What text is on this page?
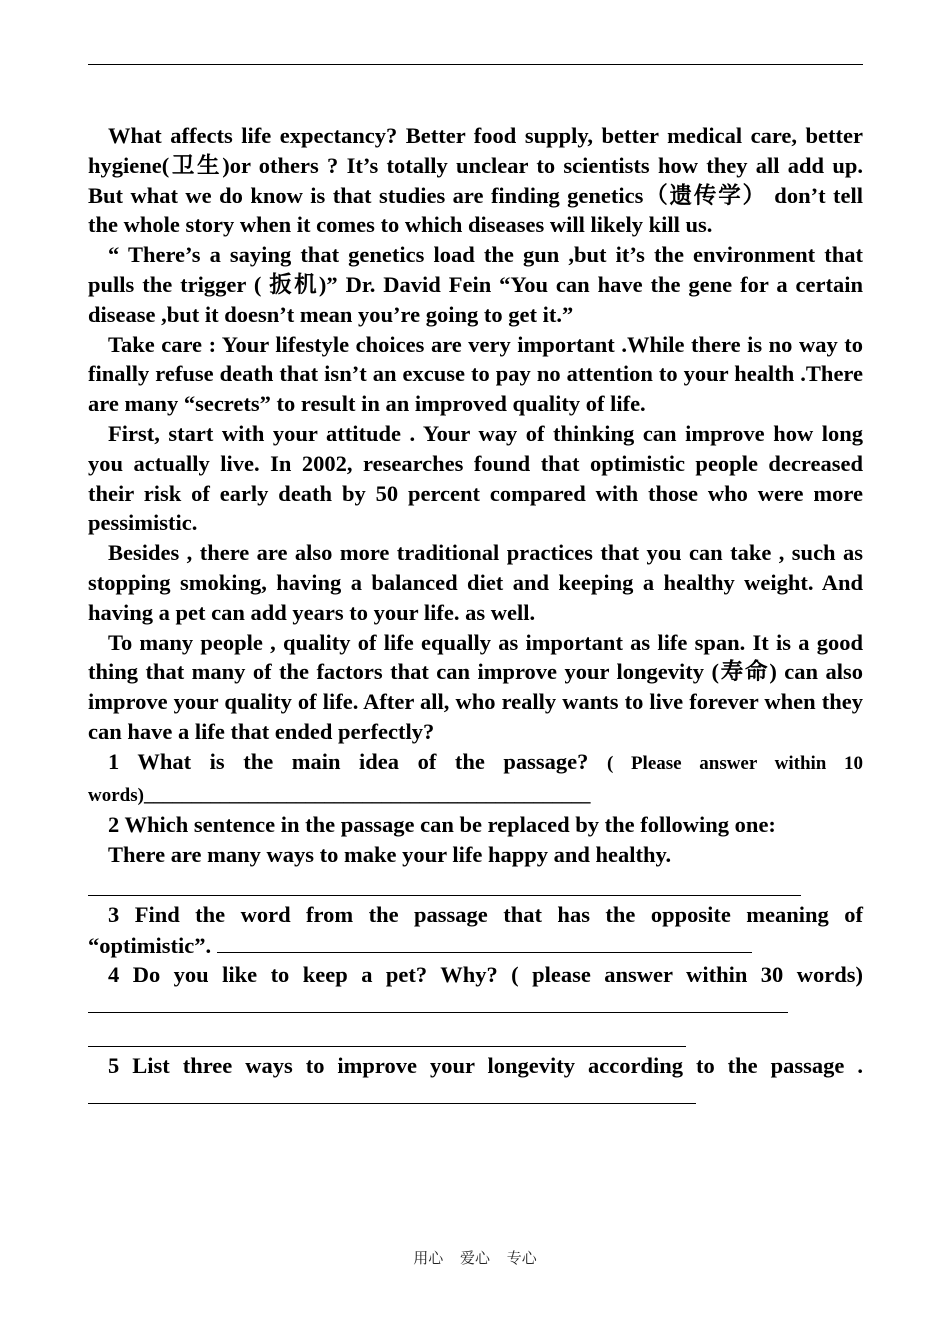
What affects life expectancy? Better food supply, better medical care, better hygiene(卫生)or others ? It’s totally unclear to scientists how they all add up. But what we do know is that studies are finding genetics（遗传学） don’t tell the whole story when it comes to which diseases will likely kill us.

“ There’s a saying that genetics load the gun ,but it’s the environment that pulls the trigger ( 扳机)” Dr. David Fein “You can have the gene for a certain disease ,but it doesn’t mean you’re going to get it.”

Take care : Your lifestyle choices are very important .While there is no way to finally refuse death that isn’t an excuse to pay no attention to your health .There are many “secrets” to result in an improved quality of life.

First, start with your attitude . Your way of thinking can improve how long you actually live. In 2002, researches found that optimistic people decreased their risk of early death by 50 percent compared with those who were more pessimistic.

Besides , there are also more traditional practices that you can take , such as stopping smoking, having a balanced diet and keeping a healthy weight. And having a pet can add years to your life. as well.

To many people , quality of life equally as important as life span. It is a good thing that many of the factors that can improve your longevity (寿命) can also improve your quality of life. After all, who really wants to live forever when they can have a life that ended perfectly?

1 What is the main idea of the passage? ( Please answer within 10 words)_______________________________________________

2 Which sentence in the passage can be replaced by the following one:

There are many ways to make your life happy and healthy.

3 Find the word from the passage that has the opposite meaning of “optimistic”.

4 Do you like to keep a pet? Why? ( please answer within 30 words)

5 List three ways to improve your longevity according to the passage .

用心 爱心 专心
